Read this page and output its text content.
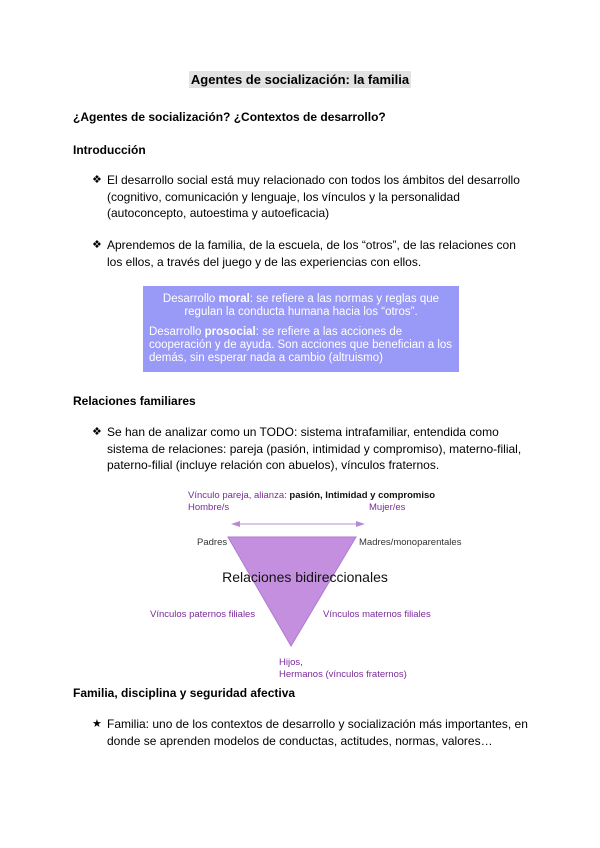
Agentes de socialización: la familia
¿Agentes de socialización? ¿Contextos de desarrollo?
Introducción
❖ El desarrollo social está muy relacionado con todos los ámbitos del desarrollo (cognitivo, comunicación y lenguaje, los vínculos y la personalidad (autoconcepto, autoestima y autoeficacia)
❖ Aprendemos de la familia, de la escuela, de los “otros”, de las relaciones con los ellos, a través del juego y de las experiencias con ellos.

Desarrollo moral: se refiere a las normas y reglas que regulan la conducta humana hacia los “otros”.

Desarrollo prosocial: se refiere a las acciones de cooperación y de ayuda. Son acciones que benefician a los demás, sin esperar nada a cambio (altruismo)

Relaciones familiares
❖ Se han de analizar como un TODO: sistema intrafamiliar, entendida como sistema de relaciones: pareja (pasión, intimidad y compromiso), materno-filial, paterno-filial (incluye relación con abuelos), vínculos fraternos.
Vínculo pareja, alianza: pasión, Intimidad y compromiso
Hombre/s	Mujer/es
Padres	Madres/monoparentales
Relaciones bidireccionales
Vínculos paternos filiales	Vínculos maternos filiales
Hijos,
Hermanos (vínculos fraternos)
Familia, disciplina y seguridad afectiva
★ Familia: uno de los contextos de desarrollo y socialización más importantes, en donde se aprenden modelos de conductas, actitudes, normas, valores…
